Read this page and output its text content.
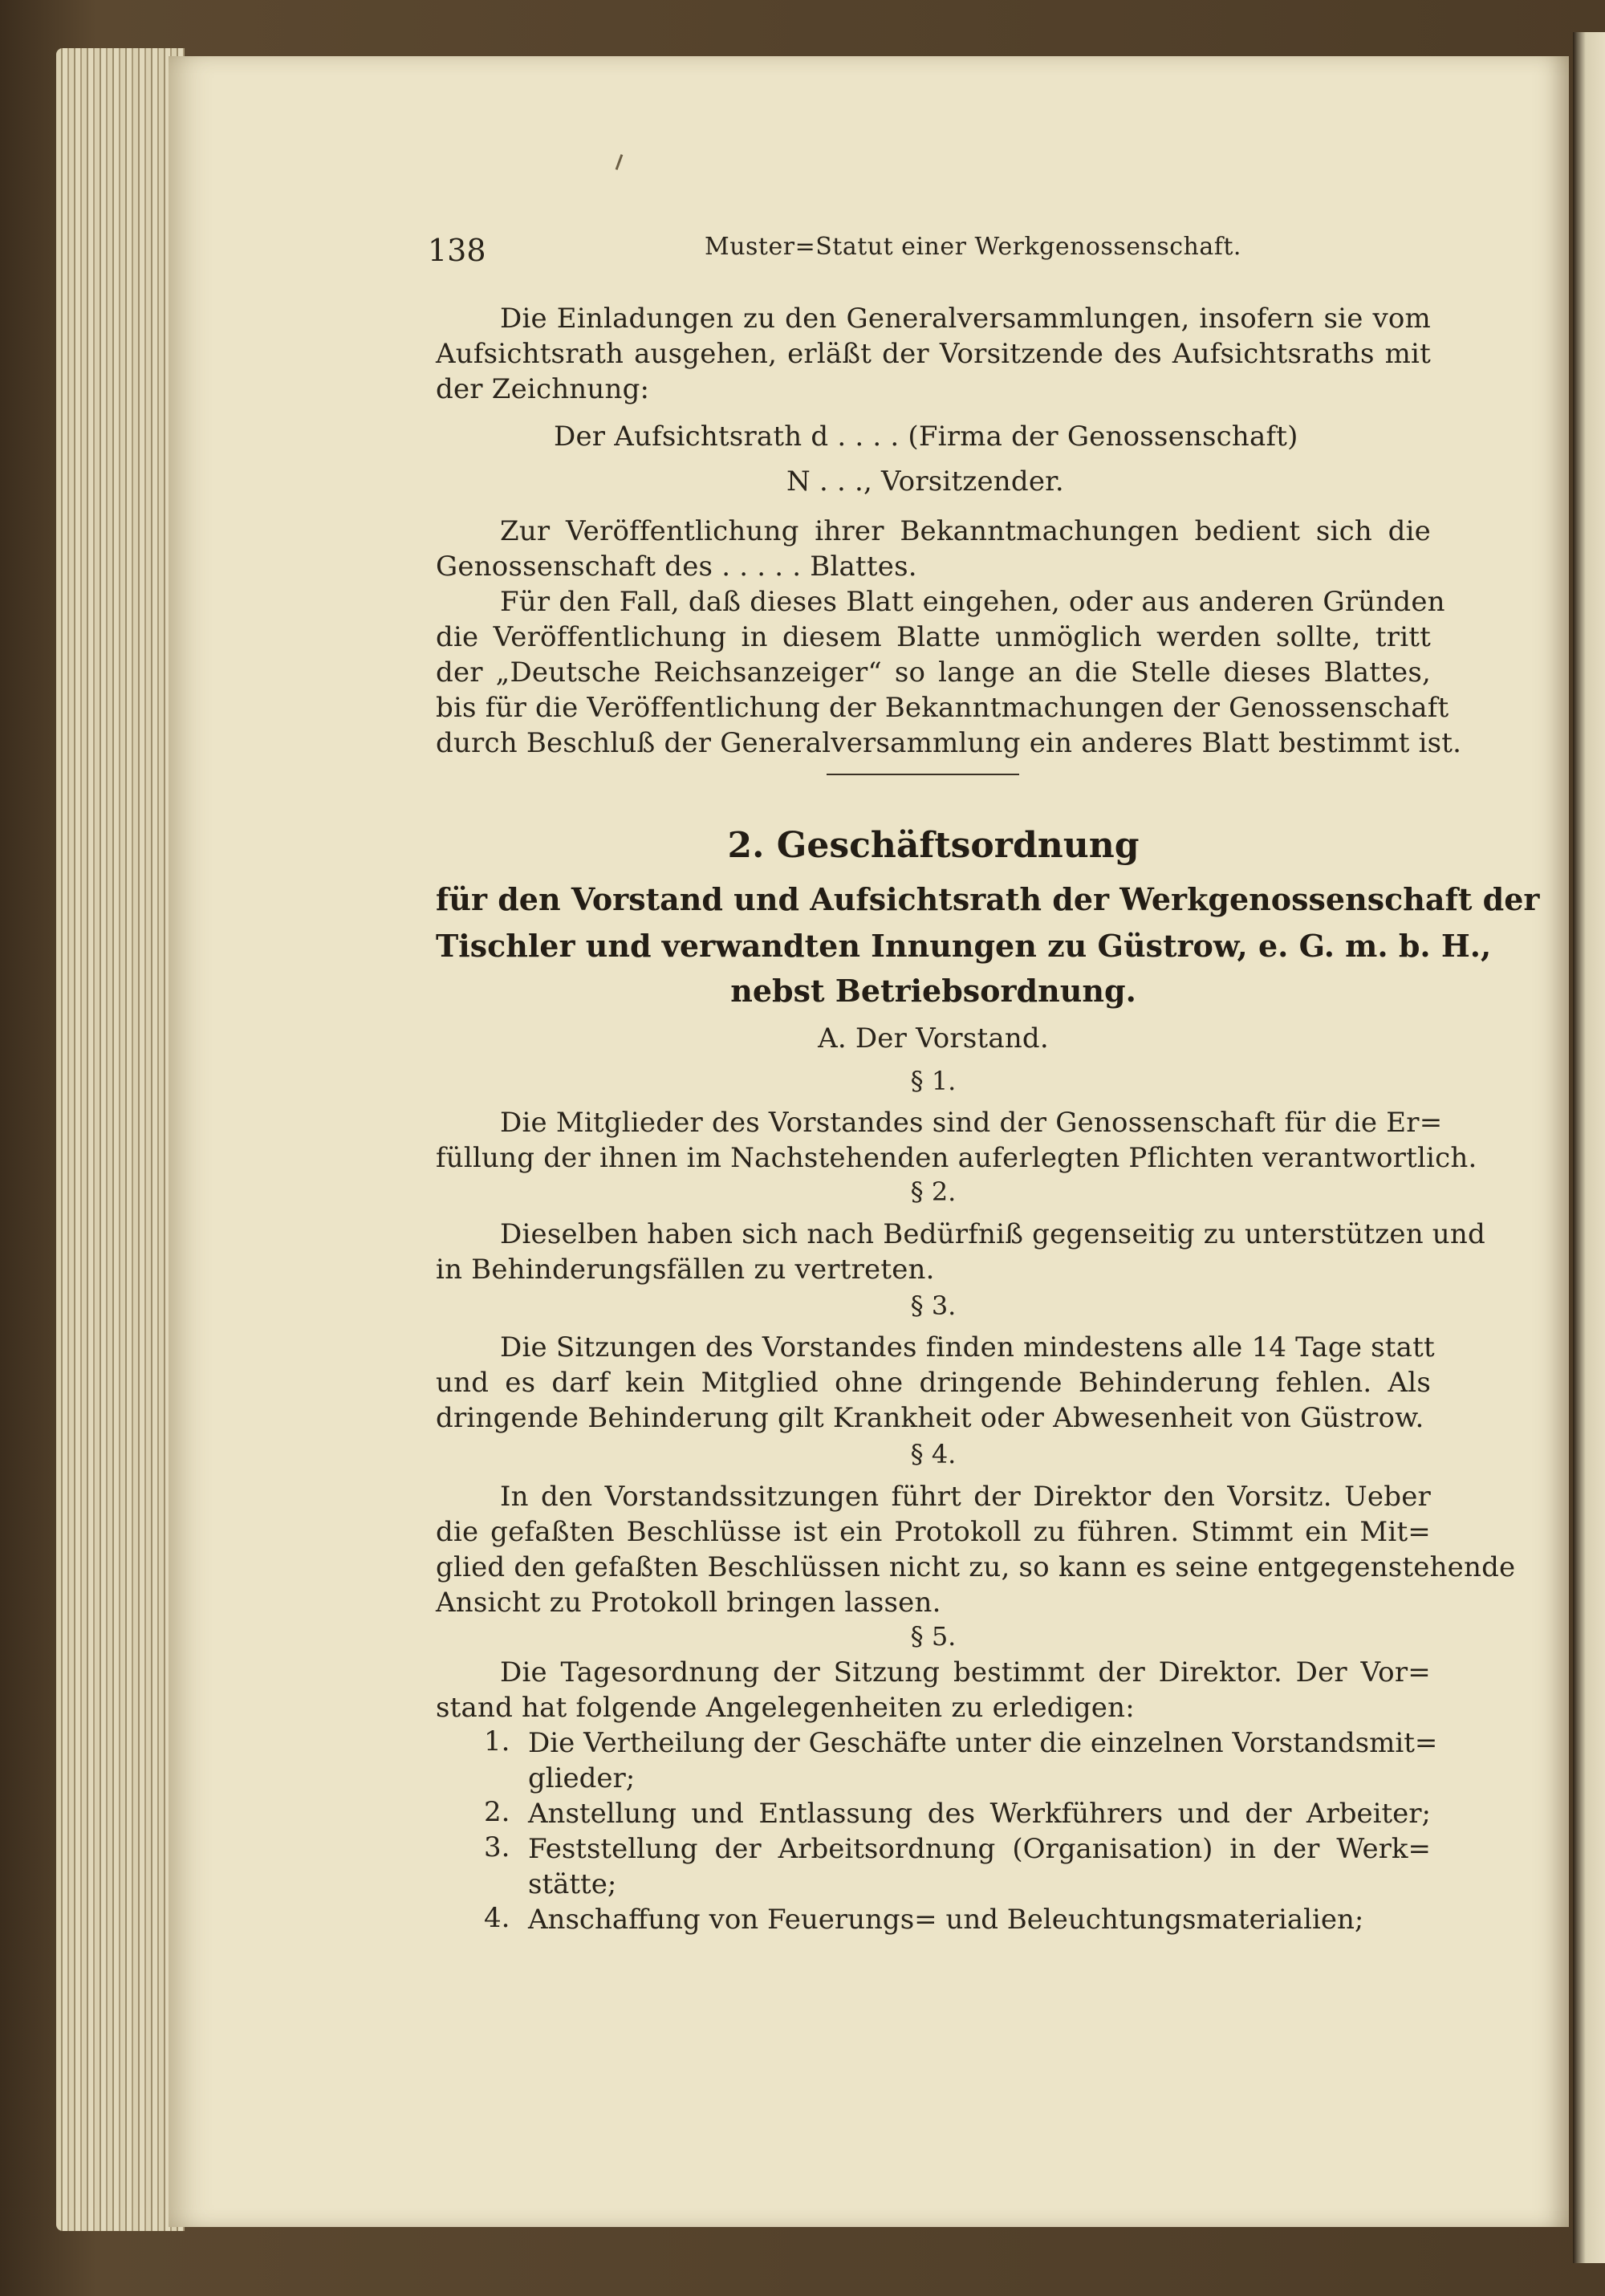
138	Muster=Statut einer Werkgenossenschaft.
Die Einladungen zu den Generalversammlungen, insofern sie vom
Aufsichtsrath ausgehen, erläßt der Vorsitzende des Aufsichtsraths mit
der Zeichnung:
Der Aufsichtsrath d . . . . (Firma der Genossenschaft)
N . . ., Vorsitzender.
Zur Veröffentlichung ihrer Bekanntmachungen bedient sich die
Genossenschaft des . . . . . Blattes.
Für den Fall, daß dieses Blatt eingehen, oder aus anderen Gründen
die Veröffentlichung in diesem Blatte unmöglich werden sollte, tritt
der „Deutsche Reichsanzeiger“ so lange an die Stelle dieses Blattes,
bis für die Veröffentlichung der Bekanntmachungen der Genossenschaft
durch Beschluß der Generalversammlung ein anderes Blatt bestimmt ist.
2. Geschäftsordnung
für den Vorstand und Aufsichtsrath der Werkgenossenschaft der
Tischler und verwandten Innungen zu Güstrow, e. G. m. b. H.,
nebst Betriebsordnung.
A. Der Vorstand.
§ 1.
Die Mitglieder des Vorstandes sind der Genossenschaft für die Er=
füllung der ihnen im Nachstehenden auferlegten Pflichten verantwortlich.
§ 2.
Dieselben haben sich nach Bedürfniß gegenseitig zu unterstützen und
in Behinderungsfällen zu vertreten.
§ 3.
Die Sitzungen des Vorstandes finden mindestens alle 14 Tage statt
und es darf kein Mitglied ohne dringende Behinderung fehlen. Als
dringende Behinderung gilt Krankheit oder Abwesenheit von Güstrow.
§ 4.
In den Vorstandssitzungen führt der Direktor den Vorsitz. Ueber
die gefaßten Beschlüsse ist ein Protokoll zu führen. Stimmt ein Mit=
glied den gefaßten Beschlüssen nicht zu, so kann es seine entgegenstehende
Ansicht zu Protokoll bringen lassen.
§ 5.
Die Tagesordnung der Sitzung bestimmt der Direktor. Der Vor=
stand hat folgende Angelegenheiten zu erledigen:
1. Die Vertheilung der Geschäfte unter die einzelnen Vorstandsmit=
glieder;
2. Anstellung und Entlassung des Werkführers und der Arbeiter;
3. Feststellung der Arbeitsordnung (Organisation) in der Werk=
stätte;
4. Anschaffung von Feuerungs= und Beleuchtungsmaterialien;
